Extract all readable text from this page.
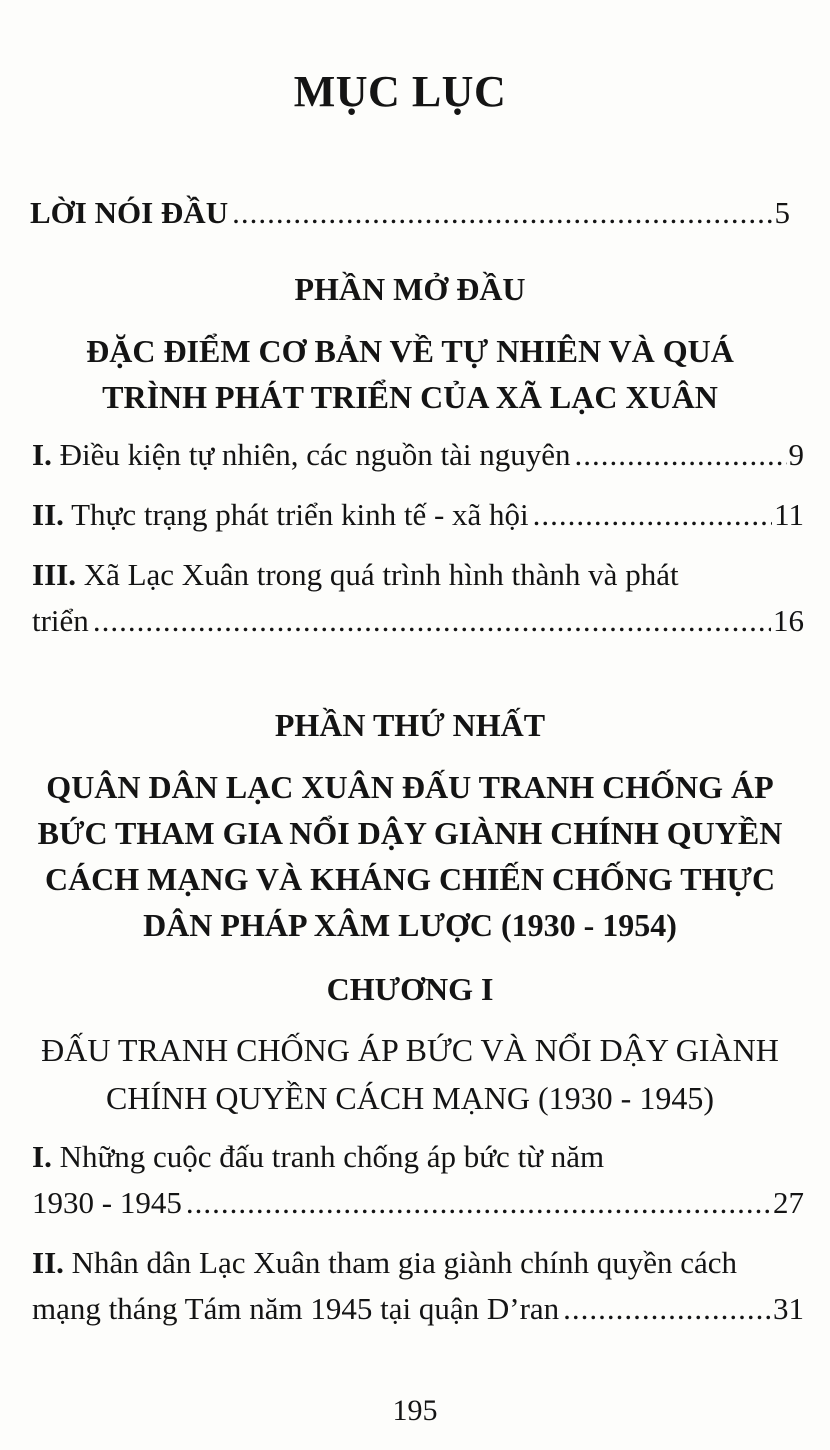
MỤC LỤC
LỜI NÓI ĐẦU .....	5
PHẦN MỞ ĐẦU
ĐẶC ĐIỂM CƠ BẢN VỀ TỰ NHIÊN VÀ QUÁ
TRÌNH PHÁT TRIỂN CỦA XÃ LẠC XUÂN
I. Điều kiện tự nhiên, các nguồn tài nguyên .....	9
II. Thực trạng phát triển kinh tế - xã hội .....	11
III. Xã Lạc Xuân trong quá trình hình thành và phát
triển .....	16
PHẦN THỨ NHẤT
QUÂN DÂN LẠC XUÂN ĐẤU TRANH CHỐNG ÁP
BỨC THAM GIA NỔI DẬY GIÀNH CHÍNH QUYỀN
CÁCH MẠNG VÀ KHÁNG CHIẾN CHỐNG THỰC
DÂN PHÁP XÂM LƯỢC (1930 - 1954)
CHƯƠNG I
ĐẤU TRANH CHỐNG ÁP BỨC VÀ NỔI DẬY GIÀNH
CHÍNH QUYỀN CÁCH MẠNG (1930 - 1945)
I. Những cuộc đấu tranh chống áp bức từ năm
1930 - 1945 .....	27
II. Nhân dân Lạc Xuân tham gia giành chính quyền cách
mạng tháng Tám năm 1945 tại quận D’ran .....	31
195
